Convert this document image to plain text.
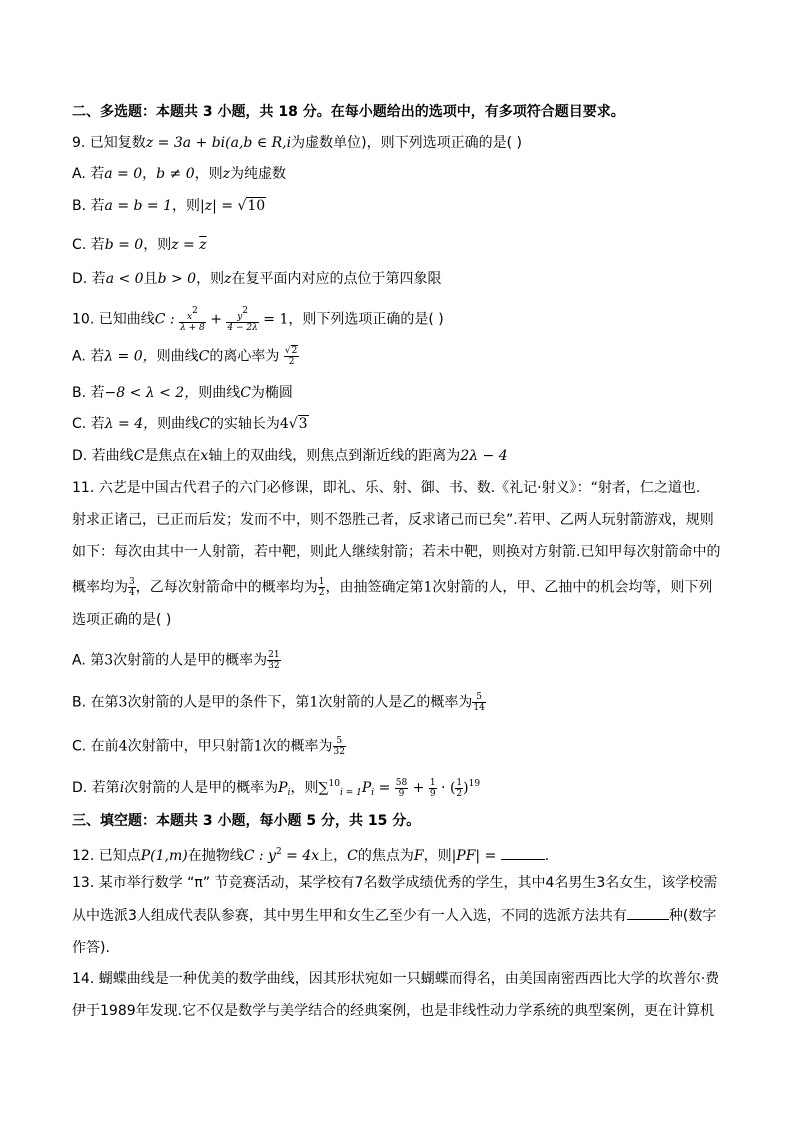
二、多选题：本题共 3 小题，共 18 分。在每小题给出的选项中，有多项符合题目要求。
9. 已知复数z = 3a + bi(a,b ∈ R,i为虚数单位)，则下列选项正确的是( )
A. 若a = 0，b ≠ 0，则z为纯虚数
B. 若a = b = 1，则|z| = √10
C. 若b = 0，则$z = \overline{z}$
D. 若a < 0且b > 0，则z在复平面内对应的点位于第四象限
10. 已知曲线C : $\frac{x2}{\lambda + 8} + \frac{y2}{4 - 2\lambda} = 1$，则下列选项正确的是( )
A. 若λ = 0，则曲线C的离心率为 $\frac{√2}{2}$
B. 若−8 < λ < 2，则曲线C为椭圆
C. 若λ = 4，则曲线C的实轴长为4√3
D. 若曲线C是焦点在x轴上的双曲线，则焦点到渐近线的距离为2λ − 4
11. 六艺是中国古代君子的六门必修课，即礼、乐、射、御、书、数.《礼记·射义》：“射者，仁之道也.
射求正诸己，已正而后发；发而不中，则不怨胜己者，反求诸己而已矣”.若甲、乙两人玩射箭游戏，规则
如下：每次由其中一人射箭，若中靶，则此人继续射箭；若未中靶，则换对方射箭.已知甲每次射箭命中的
概率均为 $\frac{3}{4}$ ，乙每次射箭命中的概率均为 $\frac{1}{2}$ ，由抽签确定第1次射箭的人，甲、乙抽中的机会均等，则下列
选项正确的是( )
A. 第3次射箭的人是甲的概率为 $\frac{21}{32}$
B. 在第3次射箭的人是甲的条件下，第1次射箭的人是乙的概率为 $\frac{5}{14}$
C. 在前4次射箭中，甲只射箭1次的概率为 $\frac{5}{32}$
D. 若第i次射箭的人是甲的概率为$P_i$，则$\sum^{10}_{i = 1}P_i = \frac{58}{9} + \frac{1}{9}$ · ( $\frac{1}{2} )^{19}$
三、填空题：本题共 3 小题，每小题 5 分，共 15 分。
12. 已知点P(1,m)在抛物线C : $y^2 = 4x$上，C的焦点为F，则|PF| =	.
13. 某市举行数学 “π” 节竞赛活动，某学校有7名数学成绩优秀的学生，其中4名男生3名女生，该学校需
从中选派3人组成代表队参赛，其中男生甲和女生乙至少有一人入选，不同的选派方法共有	种(数字
作答).
14. 蝴蝶曲线是一种优美的数学曲线，因其形状宛如一只蝴蝶而得名，由美国南密西西比大学的坎普尔·费
伊于1989年发现.它不仅是数学与美学结合的经典案例，也是非线性动力学系统的典型案例，更在计算机
